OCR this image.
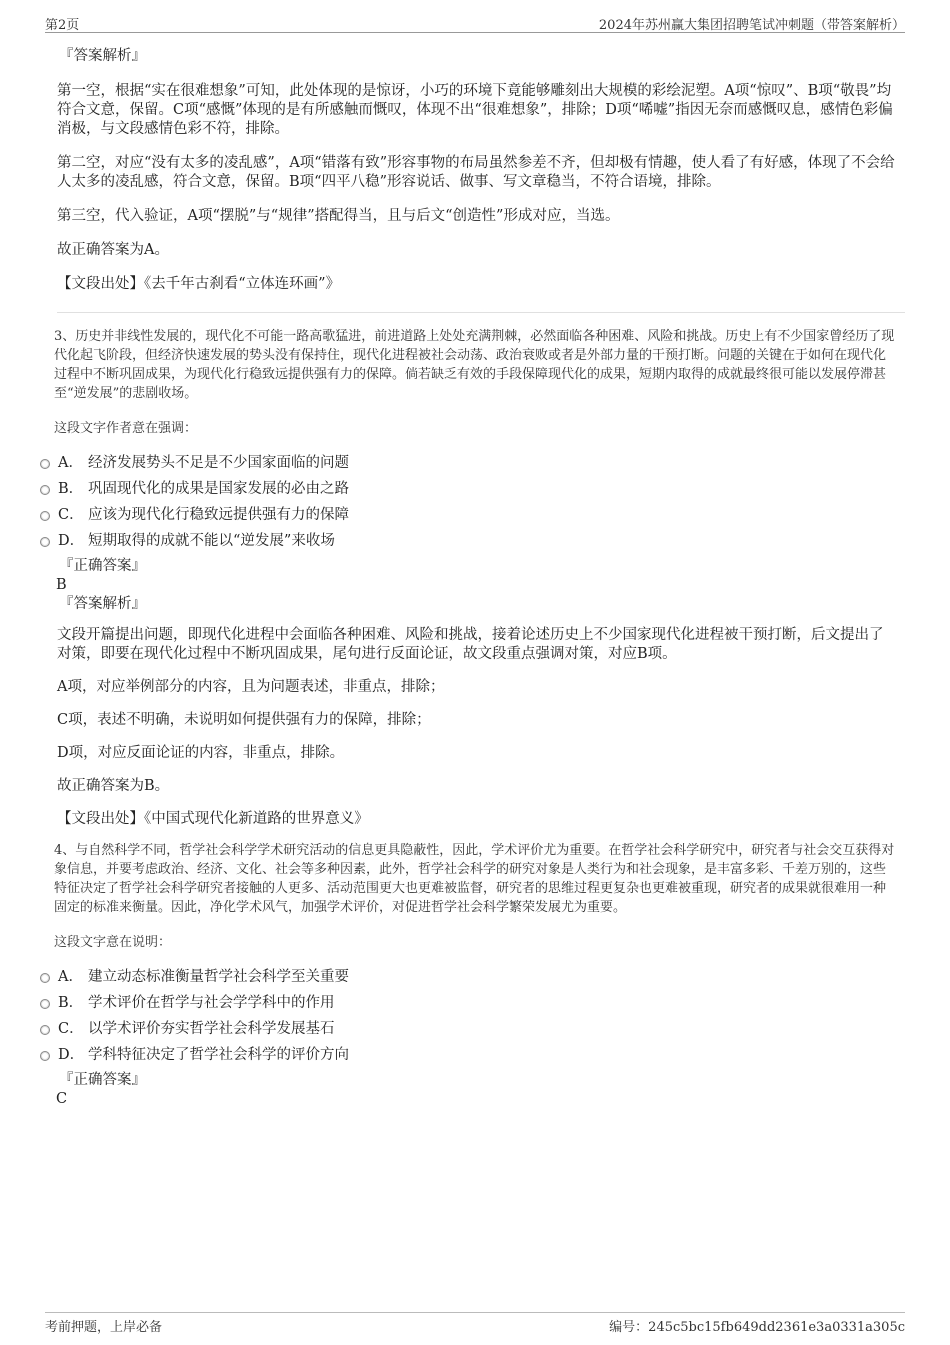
第2页	2024年苏州赢大集团招聘笔试冲刺题（带答案解析）
『答案解析』

第一空，根据“实在很难想象”可知，此处体现的是惊讶，小巧的环境下竟能够雕刻出大规模的彩绘泥塑。A项“惊叹”、B项“敬畏”均符合文意，保留。C项“感慨”体现的是有所感触而慨叹，体现不出“很难想象”，排除；D项“唏嘘”指因无奈而感慨叹息，感情色彩偏消极，与文段感情色彩不符，排除。

第二空，对应“没有太多的凌乱感”，A项“错落有致”形容事物的布局虽然参差不齐，但却极有情趣，使人看了有好感，体现了不会给人太多的凌乱感，符合文意，保留。B项“四平八稳”形容说话、做事、写文章稳当，不符合语境，排除。

第三空，代入验证，A项“摆脱”与“规律”搭配得当，且与后文“创造性”形成对应，当选。

故正确答案为A。

【文段出处】《去千年古刹看“立体连环画”》

3、历史并非线性发展的，现代化不可能一路高歌猛进，前进道路上处处充满荆棘，必然面临各种困难、风险和挑战。历史上有不少国家曾经历了现代化起飞阶段，但经济快速发展的势头没有保持住，现代化进程被社会动荡、政治衰败或者是外部力量的干预打断。问题的关键在于如何在现代化过程中不断巩固成果，为现代化行稳致远提供强有力的保障。倘若缺乏有效的手段保障现代化的成果，短期内取得的成就最终很可能以发展停滞甚至“逆发展”的悲剧收场。

这段文字作者意在强调：

A． 经济发展势头不足是不少国家面临的问题
B． 巩固现代化的成果是国家发展的必由之路
C． 应该为现代化行稳致远提供强有力的保障
D． 短期取得的成就不能以“逆发展”来收场
『正确答案』
B
『答案解析』

文段开篇提出问题，即现代化进程中会面临各种困难、风险和挑战，接着论述历史上不少国家现代化进程被干预打断，后文提出了对策，即要在现代化过程中不断巩固成果，尾句进行反面论证，故文段重点强调对策，对应B项。

A项，对应举例部分的内容，且为问题表述，非重点，排除；

C项，表述不明确，未说明如何提供强有力的保障，排除；

D项，对应反面论证的内容，非重点，排除。

故正确答案为B。

【文段出处】《中国式现代化新道路的世界意义》

4、与自然科学不同，哲学社会科学学术研究活动的信息更具隐蔽性，因此，学术评价尤为重要。在哲学社会科学研究中，研究者与社会交互获得对象信息，并要考虑政治、经济、文化、社会等多种因素，此外，哲学社会科学的研究对象是人类行为和社会现象，是丰富多彩、千差万别的，这些特征决定了哲学社会科学研究者接触的人更多、活动范围更大也更难被监督，研究者的思维过程更复杂也更难被重现，研究者的成果就很难用一种固定的标准来衡量。因此，净化学术风气，加强学术评价，对促进哲学社会科学繁荣发展尤为重要。

这段文字意在说明：

A． 建立动态标准衡量哲学社会科学至关重要
B． 学术评价在哲学与社会学学科中的作用
C． 以学术评价夯实哲学社会科学发展基石
D． 学科特征决定了哲学社会科学的评价方向
『正确答案』
C
考前押题，上岸必备	编号：245c5bc15fb649dd2361e3a0331a305c
